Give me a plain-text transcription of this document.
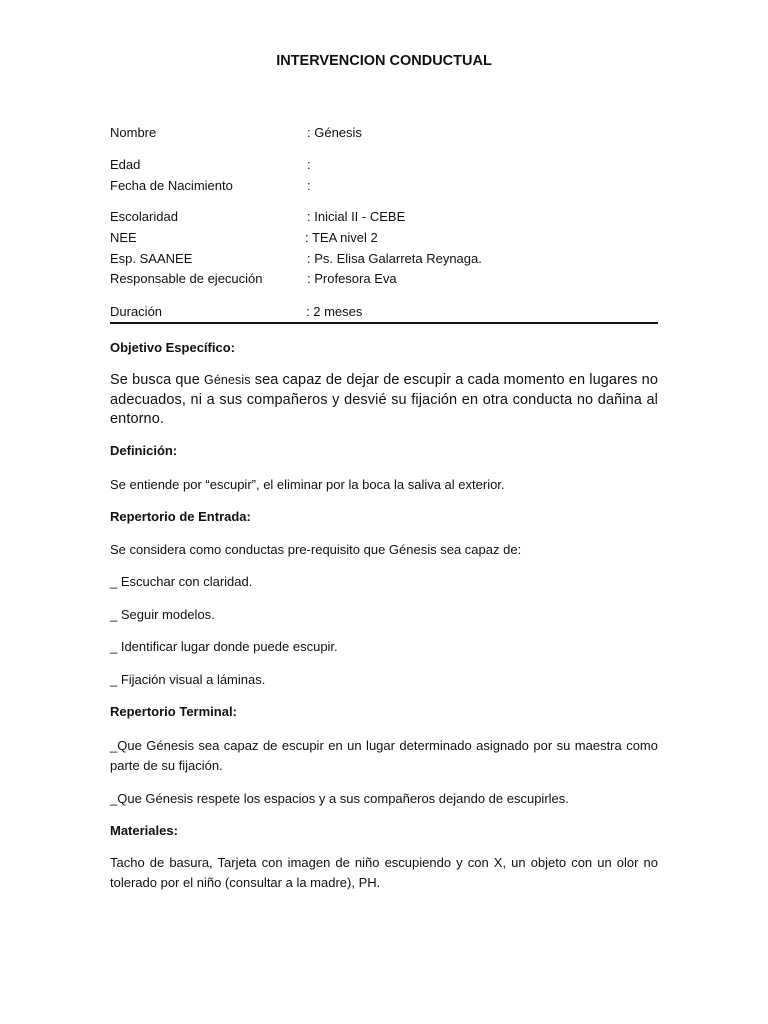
INTERVENCION CONDUCTUAL
Nombre	: Génesis
Edad	:
Fecha de Nacimiento	:
Escolaridad	: Inicial II - CEBE
NEE	: TEA nivel 2
Esp. SAANEE	: Ps. Elisa Galarreta Reynaga.
Responsable de ejecución	: Profesora Eva
Duración	: 2 meses
Objetivo Específico:
Se busca que Génesis sea capaz de dejar de escupir a cada momento en lugares no adecuados, ni a sus compañeros y desvié su fijación en otra conducta no dañina al entorno.
Definición:
Se entiende por “escupir”, el eliminar por la boca la saliva al exterior.
Repertorio de Entrada:
Se considera como conductas pre-requisito que Génesis sea capaz de:
_ Escuchar con claridad.
_ Seguir modelos.
_ Identificar lugar donde puede escupir.
_ Fijación visual a láminas.
Repertorio Terminal:
_Que Génesis sea capaz de escupir en un lugar determinado asignado por su maestra como parte de su fijación.
_Que Génesis respete los espacios y a sus compañeros dejando de escupirles.
Materiales:
Tacho de basura, Tarjeta con imagen de niño escupiendo y con X, un objeto con un olor no tolerado por el niño (consultar a la madre), PH.
